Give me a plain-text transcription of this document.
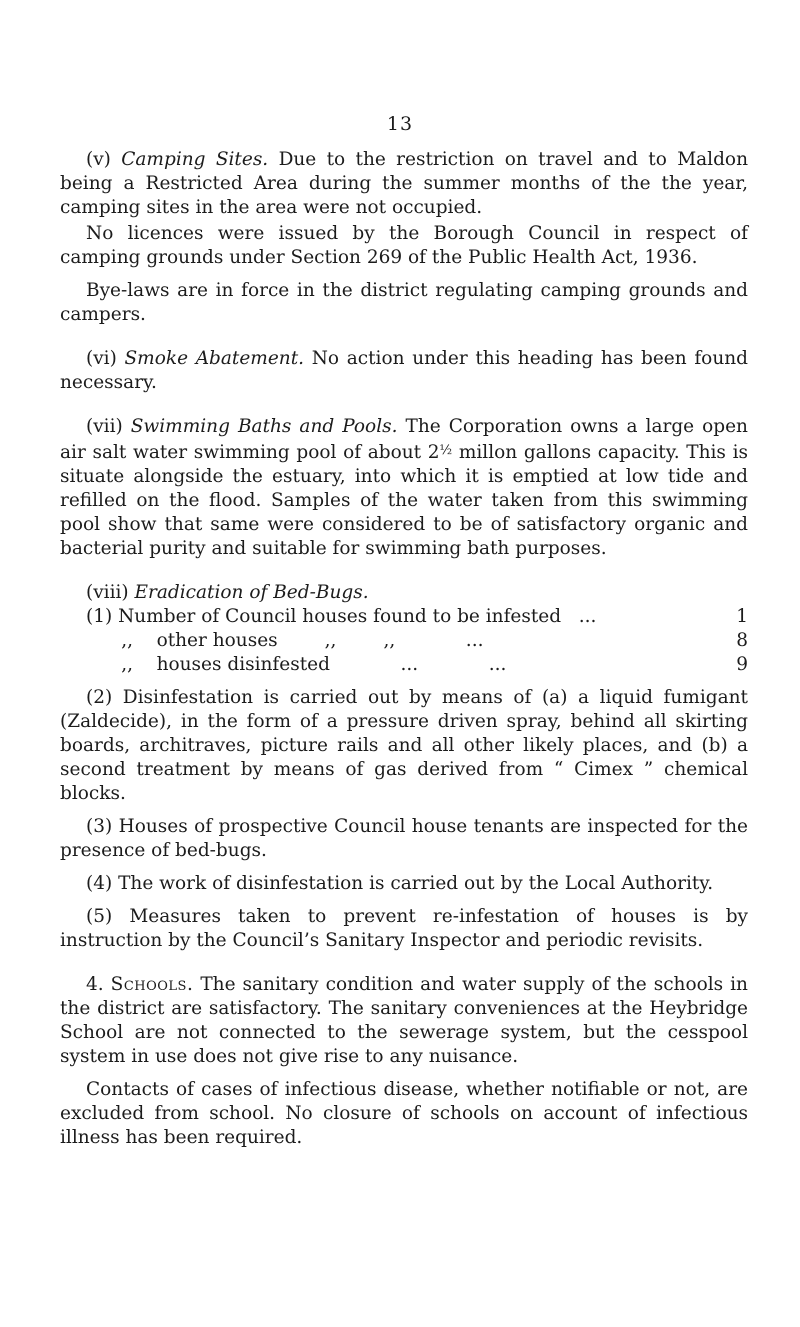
13

(v) Camping Sites. Due to the restriction on travel and to Maldon being a Restricted Area during the summer months of the the year, camping sites in the area were not occupied.

No licences were issued by the Borough Council in respect of camping grounds under Section 269 of the Public Health Act, 1936.

Bye-laws are in force in the district regulating camping grounds and campers.

(vi) Smoke Abatement. No action under this heading has been found necessary.

(vii) Swimming Baths and Pools. The Corporation owns a large open air salt water swimming pool of about $2^{\frac{1}{2}}$ millon gallons capacity. This is situate alongside the estuary, into which it is emptied at low tide and refilled on the flood. Samples of the water taken from this swimming pool show that same were considered to be of satisfactory organic and bacterial purity and suitable for swimming bath purposes.

(viii) Eradication of Bed-Bugs.

(1) Number of Council houses found to be infested   ...	1
,,    other houses        ,,        ,,            ...	8
,,    houses disinfested            ...            ...	9

(2) Disinfestation is carried out by means of (a) a liquid fumigant (Zaldecide), in the form of a pressure driven spray, behind all skirting boards, architraves, picture rails and all other likely places, and (b) a second treatment by means of gas derived from “ Cimex ” chemical blocks.

(3) Houses of prospective Council house tenants are inspected for the presence of bed-bugs.

(4) The work of disinfestation is carried out by the Local Authority.

(5) Measures taken to prevent re-infestation of houses is by instruction by the Council’s Sanitary Inspector and periodic revisits.

4. Schools. The sanitary condition and water supply of the schools in the district are satisfactory. The sanitary conveniences at the Heybridge School are not connected to the sewerage system, but the cesspool system in use does not give rise to any nuisance.

Contacts of cases of infectious disease, whether notifiable or not, are excluded from school. No closure of schools on account of infectious illness has been required.
